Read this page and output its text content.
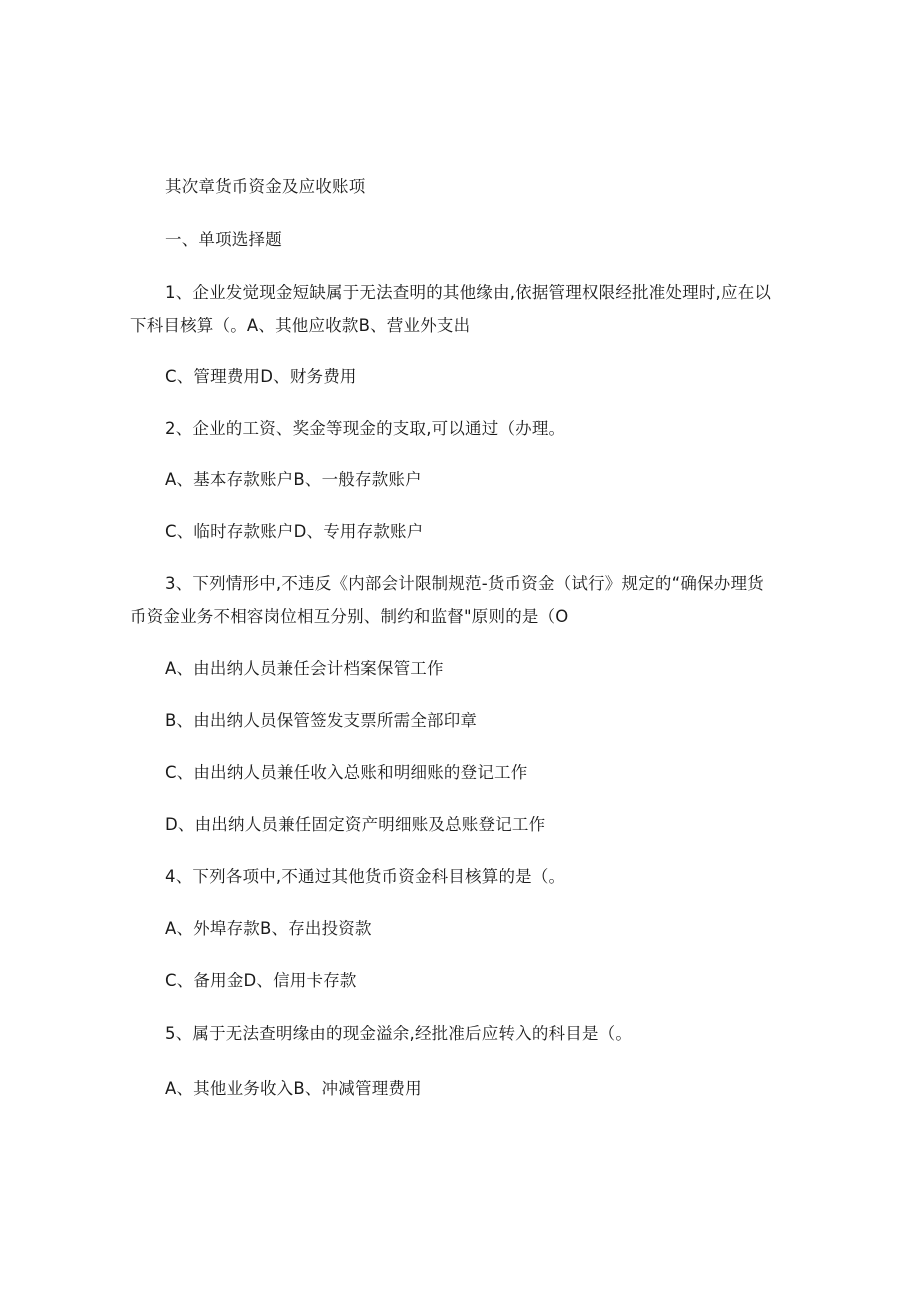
其次章货币资金及应收账项
一、单项选择题
1、企业发觉现金短缺属于无法查明的其他缘由,依据管理权限经批准处理时,应在以
下科目核算（。A、其他应收款B、营业外支出
C、管理费用D、财务费用
2、企业的工资、奖金等现金的支取,可以通过（办理。
A、基本存款账户B、一般存款账户
C、临时存款账户D、专用存款账户
3、下列情形中,不违反《内部会计限制规范-货币资金（试行》规定的“确保办理货
币资金业务不相容岗位相互分别、制约和监督"原则的是（O
A、由出纳人员兼任会计档案保管工作
B、由出纳人员保管签发支票所需全部印章
C、由出纳人员兼任收入总账和明细账的登记工作
D、由出纳人员兼任固定资产明细账及总账登记工作
4、下列各项中,不通过其他货币资金科目核算的是（。
A、外埠存款B、存出投资款
C、备用金D、信用卡存款
5、属于无法查明缘由的现金溢余,经批准后应转入的科目是（。
A、其他业务收入B、冲减管理费用
